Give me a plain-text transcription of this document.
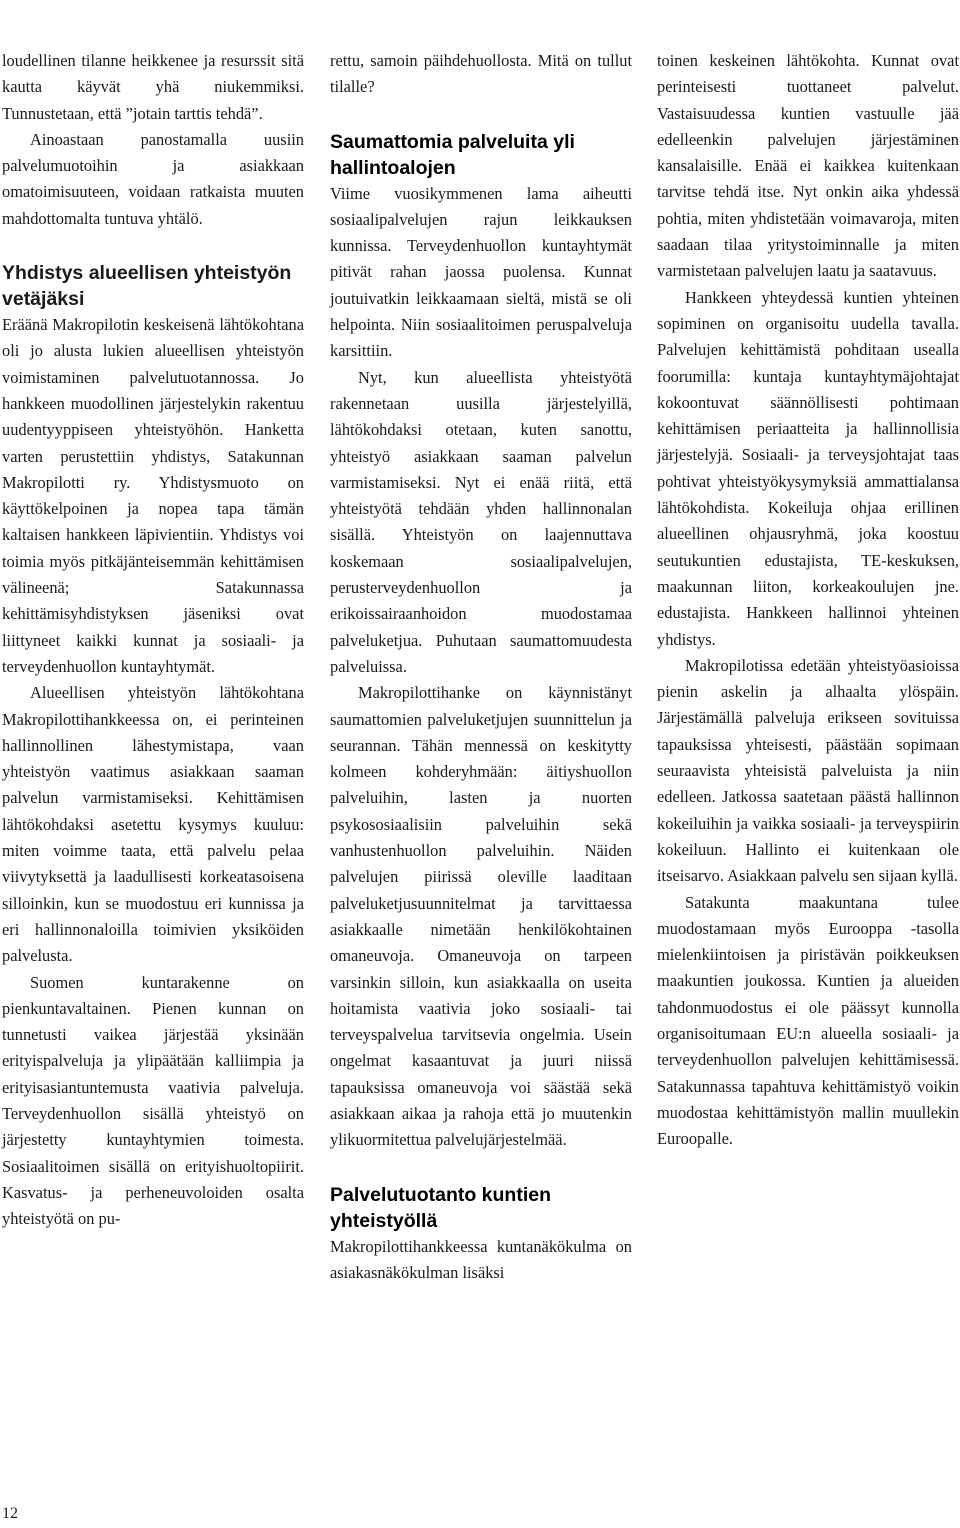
loudellinen tilanne heikkenee ja resurssit sitä kautta käyvät yhä niukemmiksi. Tunnustetaan, että ”jotain tarttis tehdä”.

Ainoastaan panostamalla uusiin palvelumuotoihin ja asiakkaan omatoimisuuteen, voidaan ratkaista muuten mahdottomalta tuntuva yhtälö.

Yhdistys alueellisen yhteistyön vetäjäksi

Eräänä Makropilotin keskeisenä lähtökohtana oli jo alusta lukien alueellisen yhteistyön voimistaminen palvelutuotannossa. Jo hankkeen muodollinen järjestelykin rakentuu uudentyyppiseen yhteistyöhön. Hanketta varten perustettiin yhdistys, Satakunnan Makropilotti ry. Yhdistysmuoto on käyttökelpoinen ja nopea tapa tämän kaltaisen hankkeen läpivientiin. Yhdistys voi toimia myös pitkäjänteisemmän kehittämisen välineenä; Satakunnassa kehittämisyhdistyksen jäseniksi ovat liittyneet kaikki kunnat ja sosiaali- ja terveydenhuollon kuntayhtymät.

Alueellisen yhteistyön lähtökohtana Makropilottihankkeessa on, ei perinteinen hallinnollinen lähestymistapa, vaan yhteistyön vaatimus asiakkaan saaman palvelun varmistamiseksi. Kehittämisen lähtökohdaksi asetettu kysymys kuuluu: miten voimme taata, että palvelu pelaa viivytyksettä ja laadullisesti korkeatasoisena silloinkin, kun se muodostuu eri kunnissa ja eri hallinnonaloilla toimivien yksiköiden palvelusta.

Suomen kuntarakenne on pienkuntavaltainen. Pienen kunnan on tunnetusti vaikea järjestää yksinään erityispalveluja ja ylipäätään kalliimpia ja erityisasiantuntemusta vaativia palveluja. Terveydenhuollon sisällä yhteistyö on järjestetty kuntayhtymien toimesta. Sosiaalitoimen sisällä on erityishuoltopiirit. Kasvatus- ja perheneuvoloiden osalta yhteistyötä on pu-

rettu, samoin päihdehuollosta. Mitä on tullut tilalle?

Saumattomia palveluita yli hallintoalojen

Viime vuosikymmenen lama aiheutti sosiaalipalvelujen rajun leikkauksen kunnissa. Terveydenhuollon kuntayhtymät pitivät rahan jaossa puolensa. Kunnat joutuivatkin leikkaamaan sieltä, mistä se oli helpointa. Niin sosiaalitoimen peruspalveluja karsittiin.

Nyt, kun alueellista yhteistyötä rakennetaan uusilla järjestelyillä, lähtökohdaksi otetaan, kuten sanottu, yhteistyö asiakkaan saaman palvelun varmistamiseksi. Nyt ei enää riitä, että yhteistyötä tehdään yhden hallinnonalan sisällä. Yhteistyön on laajennuttava koskemaan sosiaalipalvelujen, perusterveydenhuollon ja erikoissairaanhoidon muodostamaa palveluketjua. Puhutaan saumattomuudesta palveluissa.

Makropilottihanke on käynnistänyt saumattomien palveluketjujen suunnittelun ja seurannan. Tähän mennessä on keskitytty kolmeen kohderyhmään: äitiyshuollon palveluihin, lasten ja nuorten psykososiaalisiin palveluihin sekä vanhustenhuollon palveluihin. Näiden palvelujen piirissä oleville laaditaan palveluketjusuunnitelmat ja tarvittaessa asiakkaalle nimetään henkilökohtainen omaneuvoja. Omaneuvoja on tarpeen varsinkin silloin, kun asiakkaalla on useita hoitamista vaativia joko sosiaali- tai terveyspalvelua tarvitsevia ongelmia. Usein ongelmat kasaantuvat ja juuri niissä tapauksissa omaneuvoja voi säästää sekä asiakkaan aikaa ja rahoja että jo muutenkin ylikuormitettua palvelujärjestelmää.

Palvelutuotanto kuntien yhteistyöllä

Makropilottihankkeessa kuntanäkökulma on asiakasnäkökulman lisäksi

toinen keskeinen lähtökohta. Kunnat ovat perinteisesti tuottaneet palvelut. Vastaisuudessa kuntien vastuulle jää edelleenkin palvelujen järjestäminen kansalaisille. Enää ei kaikkea kuitenkaan tarvitse tehdä itse. Nyt onkin aika yhdessä pohtia, miten yhdistetään voimavaroja, miten saadaan tilaa yritystoiminnalle ja miten varmistetaan palvelujen laatu ja saatavuus.

Hankkeen yhteydessä kuntien yhteinen sopiminen on organisoitu uudella tavalla. Palvelujen kehittämistä pohditaan usealla foorumilla: kuntaja kuntayhtymäjohtajat kokoontuvat säännöllisesti pohtimaan kehittämisen periaatteita ja hallinnollisia järjestelyjä. Sosiaali- ja terveysjohtajat taas pohtivat yhteistyökysymyksiä ammattialansa lähtökohdista. Kokeiluja ohjaa erillinen alueellinen ohjausryhmä, joka koostuu seutukuntien edustajista, TE-keskuksen, maakunnan liiton, korkeakoulujen jne. edustajista. Hankkeen hallinnoi yhteinen yhdistys.

Makropilotissa edetään yhteistyöasioissa pienin askelin ja alhaalta ylöspäin. Järjestämällä palveluja erikseen sovituissa tapauksissa yhteisesti, päästään sopimaan seuraavista yhteisistä palveluista ja niin edelleen. Jatkossa saatetaan päästä hallinnon kokeiluihin ja vaikka sosiaali- ja terveyspiirin kokeiluun. Hallinto ei kuitenkaan ole itseisarvo. Asiakkaan palvelu sen sijaan kyllä.

Satakunta maakuntana tulee muodostamaan myös Eurooppa -tasolla mielenkiintoisen ja piristävän poikkeuksen maakuntien joukossa. Kuntien ja alueiden tahdonmuodostus ei ole päässyt kunnolla organisoitumaan EU:n alueella sosiaali- ja terveydenhuollon palvelujen kehittämisessä. Satakunnassa tapahtuva kehittämistyö voikin muodostaa kehittämistyön mallin muullekin Euroopalle.

12
